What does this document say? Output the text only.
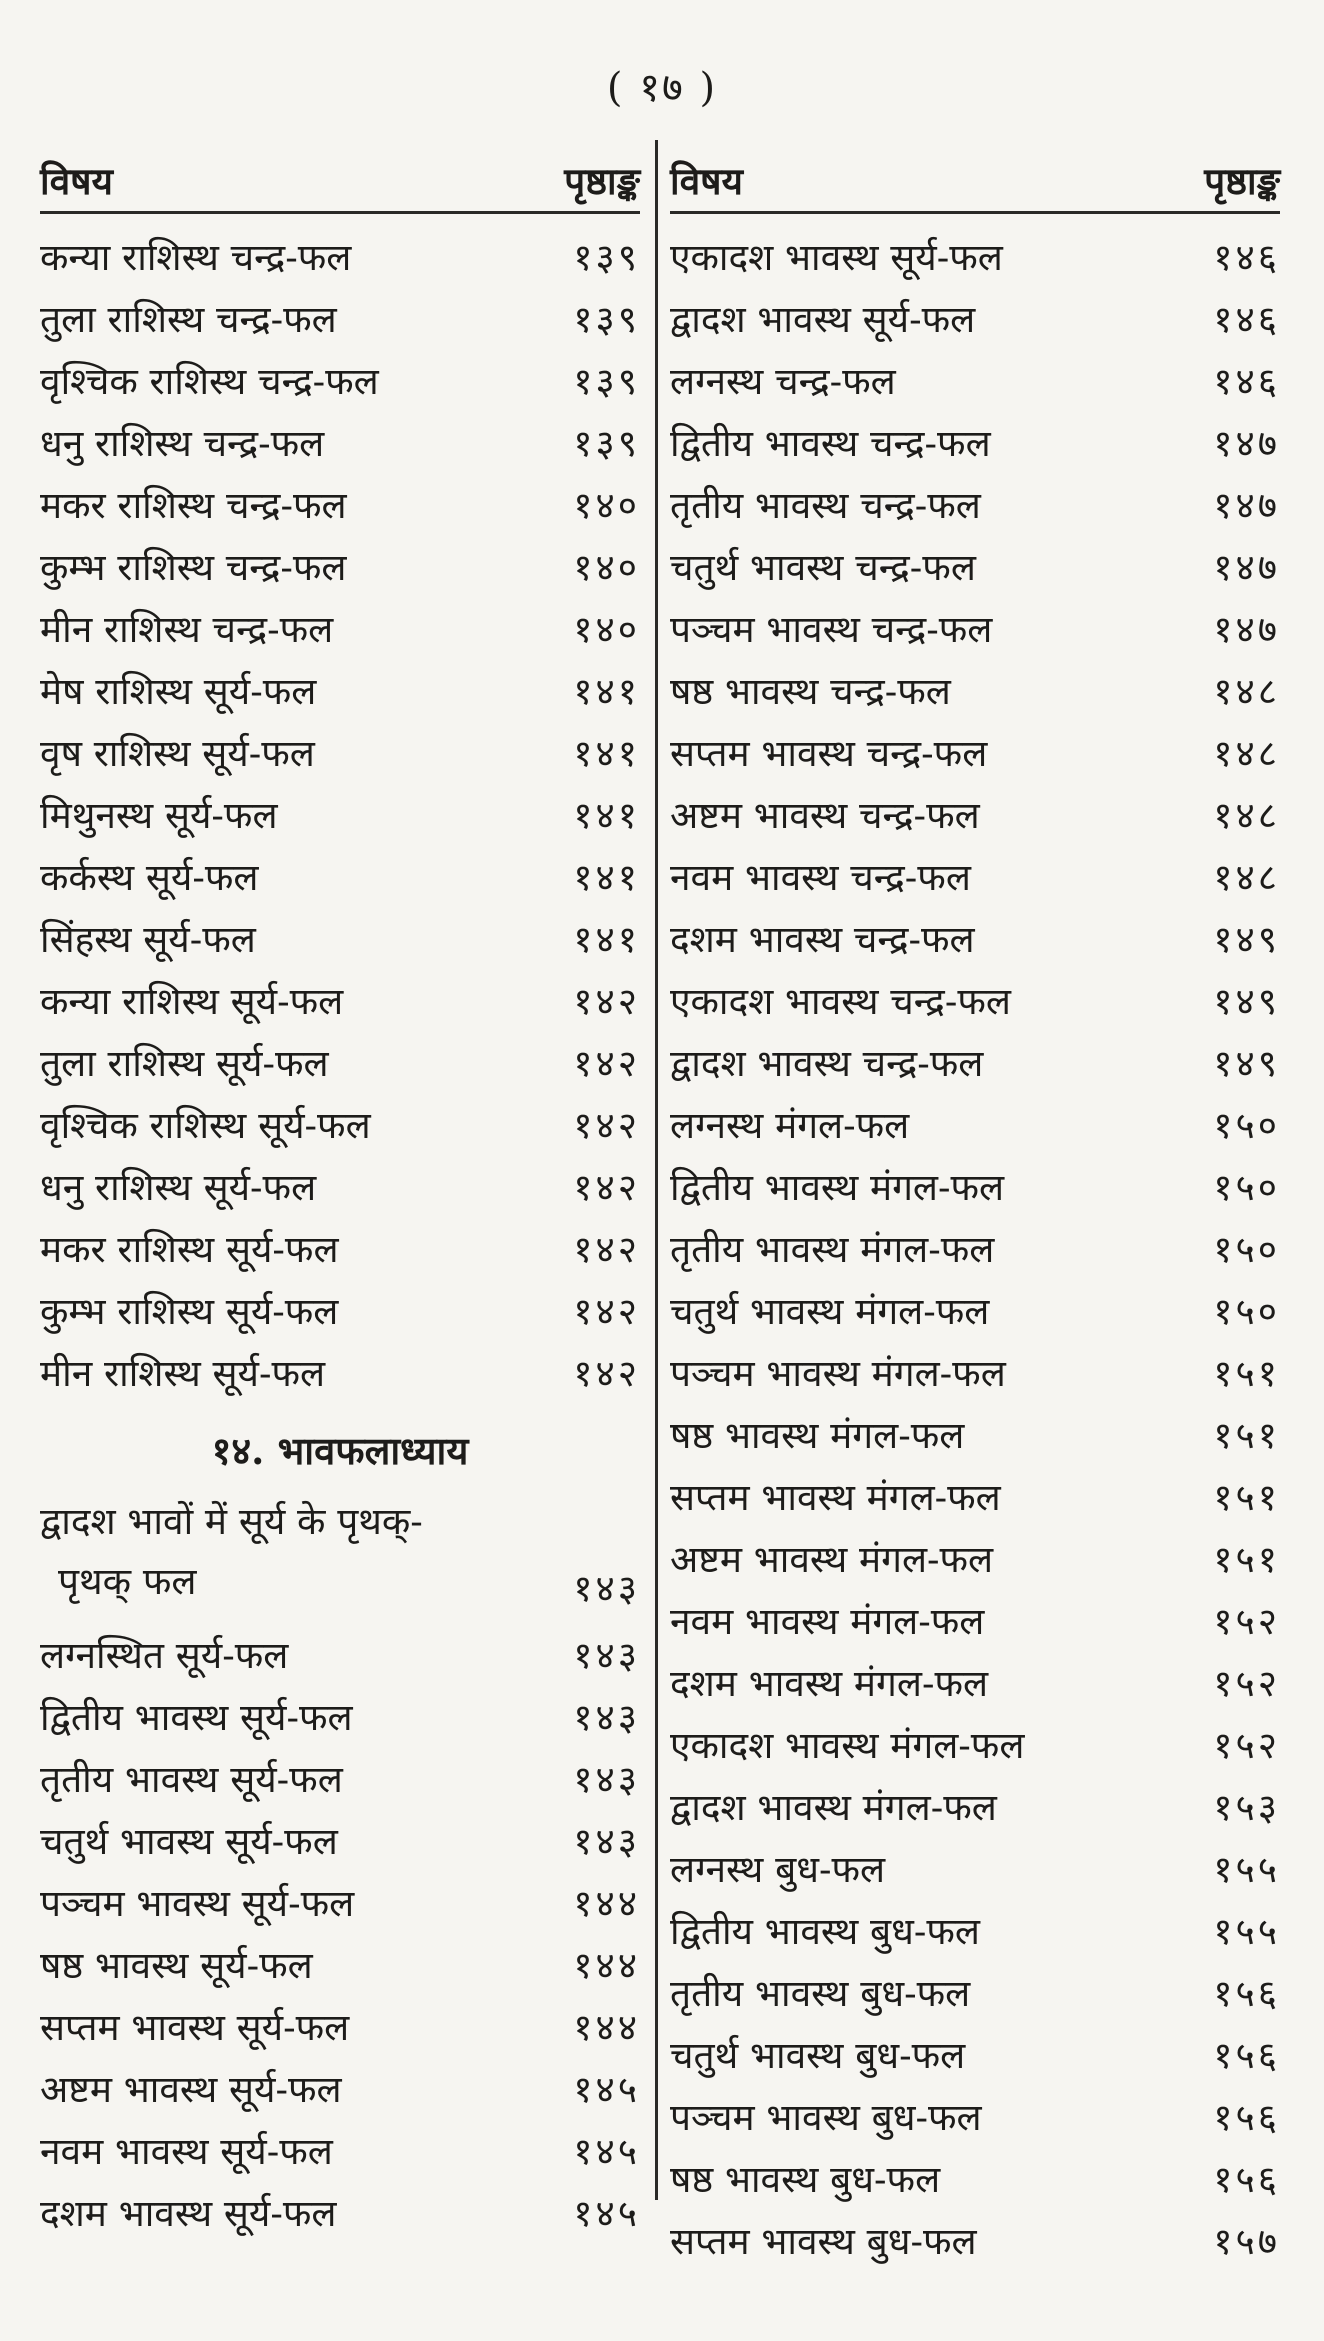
( १७ )
विषय	पृष्ठाङ्क
कन्या राशिस्थ चन्द्र-फल	१३९
तुला राशिस्थ चन्द्र-फल	१३९
वृश्चिक राशिस्थ चन्द्र-फल	१३९
धनु राशिस्थ चन्द्र-फल	१३९
मकर राशिस्थ चन्द्र-फल	१४०
कुम्भ राशिस्थ चन्द्र-फल	१४०
मीन राशिस्थ चन्द्र-फल	१४०
मेष राशिस्थ सूर्य-फल	१४१
वृष राशिस्थ सूर्य-फल	१४१
मिथुनस्थ सूर्य-फल	१४१
कर्कस्थ सूर्य-फल	१४१
सिंहस्थ सूर्य-फल	१४१
कन्या राशिस्थ सूर्य-फल	१४२
तुला राशिस्थ सूर्य-फल	१४२
वृश्चिक राशिस्थ सूर्य-फल	१४२
धनु राशिस्थ सूर्य-फल	१४२
मकर राशिस्थ सूर्य-फल	१४२
कुम्भ राशिस्थ सूर्य-फल	१४२
मीन राशिस्थ सूर्य-फल	१४२
१४. भावफलाध्याय
द्वादश भावों में सूर्य के पृथक्-
पृथक् फल	१४३
लग्नस्थित सूर्य-फल	१४३
द्वितीय भावस्थ सूर्य-फल	१४३
तृतीय भावस्थ सूर्य-फल	१४३
चतुर्थ भावस्थ सूर्य-फल	१४३
पञ्चम भावस्थ सूर्य-फल	१४४
षष्ठ भावस्थ सूर्य-फल	१४४
सप्तम भावस्थ सूर्य-फल	१४४
अष्टम भावस्थ सूर्य-फल	१४५
नवम भावस्थ सूर्य-फल	१४५
दशम भावस्थ सूर्य-फल	१४५
विषय	पृष्ठाङ्क
एकादश भावस्थ सूर्य-फल	१४६
द्वादश भावस्थ सूर्य-फल	१४६
लग्नस्थ चन्द्र-फल	१४६
द्वितीय भावस्थ चन्द्र-फल	१४७
तृतीय भावस्थ चन्द्र-फल	१४७
चतुर्थ भावस्थ चन्द्र-फल	१४७
पञ्चम भावस्थ चन्द्र-फल	१४७
षष्ठ भावस्थ चन्द्र-फल	१४८
सप्तम भावस्थ चन्द्र-फल	१४८
अष्टम भावस्थ चन्द्र-फल	१४८
नवम भावस्थ चन्द्र-फल	१४८
दशम भावस्थ चन्द्र-फल	१४९
एकादश भावस्थ चन्द्र-फल	१४९
द्वादश भावस्थ चन्द्र-फल	१४९
लग्नस्थ मंगल-फल	१५०
द्वितीय भावस्थ मंगल-फल	१५०
तृतीय भावस्थ मंगल-फल	१५०
चतुर्थ भावस्थ मंगल-फल	१५०
पञ्चम भावस्थ मंगल-फल	१५१
षष्ठ भावस्थ मंगल-फल	१५१
सप्तम भावस्थ मंगल-फल	१५१
अष्टम भावस्थ मंगल-फल	१५१
नवम भावस्थ मंगल-फल	१५२
दशम भावस्थ मंगल-फल	१५२
एकादश भावस्थ मंगल-फल	१५२
द्वादश भावस्थ मंगल-फल	१५३
लग्नस्थ बुध-फल	१५५
द्वितीय भावस्थ बुध-फल	१५५
तृतीय भावस्थ बुध-फल	१५६
चतुर्थ भावस्थ बुध-फल	१५६
पञ्चम भावस्थ बुध-फल	१५६
षष्ठ भावस्थ बुध-फल	१५६
सप्तम भावस्थ बुध-फल	१५७
